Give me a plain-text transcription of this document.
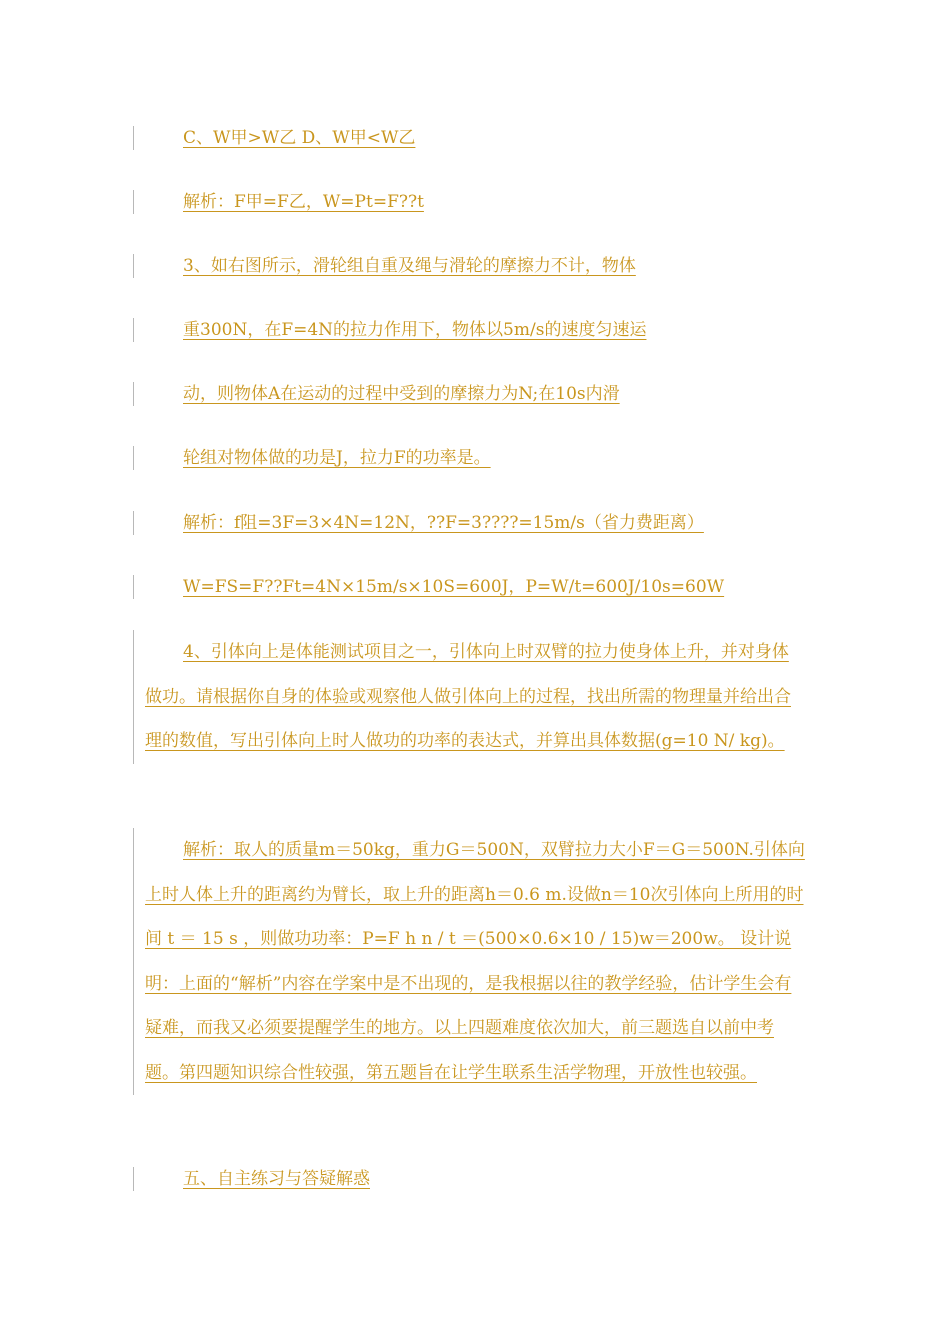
C、W甲>W乙 D、W甲<W乙
解析：F甲=F乙，W=Pt=F??t
3、如右图所示，滑轮组自重及绳与滑轮的摩擦力不计，物体
重300N，在F=4N的拉力作用下，物体以5m/s的速度匀速运
动，则物体A在运动的过程中受到的摩擦力为N;在10s内滑
轮组对物体做的功是J，拉力F的功率是。
解析：f阻=3F=3×4N=12N，??F=3????=15m/s（省力费距离）
W=FS=F??Ft=4N×15m/s×10S=600J，P=W/t=600J/10s=60W
4、引体向上是体能测试项目之一，引体向上时双臂的拉力使身体上升，并对身体做功。请根据你自身的体验或观察他人做引体向上的过程，找出所需的物理量并给出合理的数值，写出引体向上时人做功的功率的表达式，并算出具体数据(g=10 N/ kg)。
解析：取人的质量m＝50kg，重力G＝500N，双臂拉力大小F＝G＝500N.引体向上时人体上升的距离约为臂长，取上升的距离h＝0.6 m.设做n＝10次引体向上所用的时间 t ＝ 15 s ，则做功功率：P=F h n / t ＝(500×0.6×10 / 15)w＝200w。 设计说明：上面的“解析”内容在学案中是不出现的，是我根据以往的教学经验，估计学生会有疑难，而我又必须要提醒学生的地方。以上四题难度依次加大，前三题选自以前中考题。第四题知识综合性较强，第五题旨在让学生联系生活学物理，开放性也较强。
五、自主练习与答疑解惑
